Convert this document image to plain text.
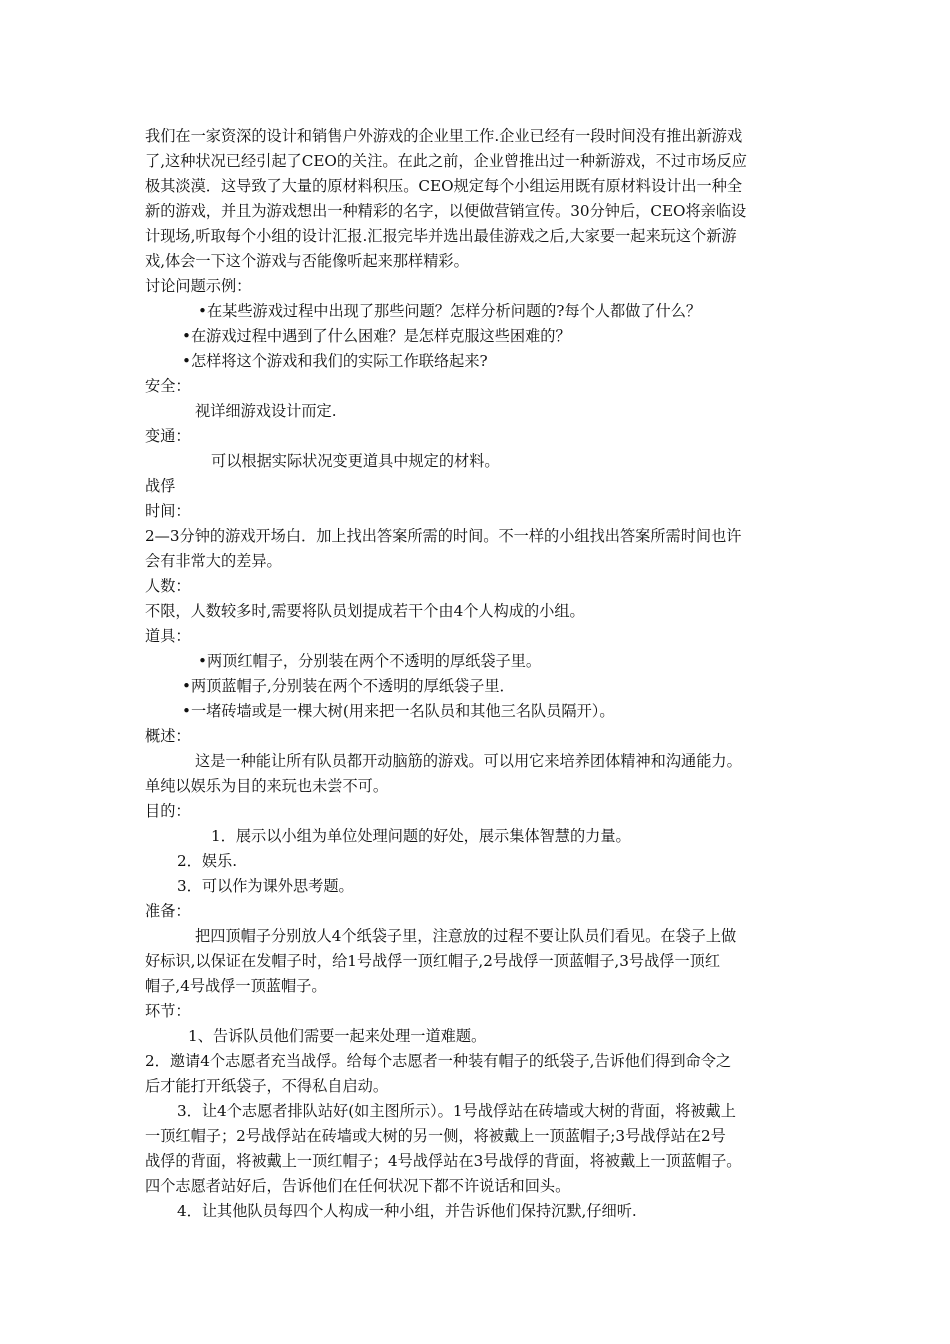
我们在一家资深的设计和销售户外游戏的企业里工作.企业已经有一段时间没有推出新游戏
了,这种状况已经引起了CEO的关注。在此之前，企业曾推出过一种新游戏，不过市场反应
极其淡漠．这导致了大量的原材料积压。CEO规定每个小组运用既有原材料设计出一种全
新的游戏，并且为游戏想出一种精彩的名字，以便做营销宣传。30分钟后，CEO将亲临设
计现场,听取每个小组的设计汇报.汇报完毕并选出最佳游戏之后,大家要一起来玩这个新游
戏,体会一下这个游戏与否能像听起来那样精彩。
讨论问题示例：
•在某些游戏过程中出现了那些问题？怎样分析问题的?每个人都做了什么？
•在游戏过程中遇到了什么困难？是怎样克服这些困难的？
•怎样将这个游戏和我们的实际工作联络起来?
安全：
视详细游戏设计而定.
变通：
可以根据实际状况变更道具中规定的材料。
战俘
时间：
2—3分钟的游戏开场白．加上找出答案所需的时间。不一样的小组找出答案所需时间也许
会有非常大的差异。
人数：
不限，人数较多时,需要将队员划提成若干个由4个人构成的小组。
道具：
•两顶红帽子，分别装在两个不透明的厚纸袋子里。
•两顶蓝帽子,分别装在两个不透明的厚纸袋子里．
•一堵砖墙或是一棵大树(用来把一名队员和其他三名队员隔开）。
概述：
这是一种能让所有队员都开动脑筋的游戏。可以用它来培养团体精神和沟通能力。
单纯以娱乐为目的来玩也未尝不可。
目的：
1．展示以小组为单位处理问题的好处，展示集体智慧的力量。
2．娱乐.
3．可以作为课外思考题。
准备：
把四顶帽子分别放人4个纸袋子里，注意放的过程不要让队员们看见。在袋子上做
好标识,以保证在发帽子时，给1号战俘一顶红帽子,2号战俘一顶蓝帽子,3号战俘一顶红
帽子,4号战俘一顶蓝帽子。
环节：
1、告诉队员他们需要一起来处理一道难题。
2．邀请4个志愿者充当战俘。给每个志愿者一种装有帽子的纸袋子,告诉他们得到命令之
后才能打开纸袋子，不得私自启动。
3．让4个志愿者排队站好(如主图所示）。1号战俘站在砖墙或大树的背面，将被戴上
一顶红帽子；2号战俘站在砖墙或大树的另一侧，将被戴上一顶蓝帽子;3号战俘站在2号
战俘的背面，将被戴上一顶红帽子；4号战俘站在3号战俘的背面，将被戴上一顶蓝帽子。
四个志愿者站好后，告诉他们在任何状况下都不许说话和回头。
4．让其他队员每四个人构成一种小组，并告诉他们保持沉默,仔细听.
